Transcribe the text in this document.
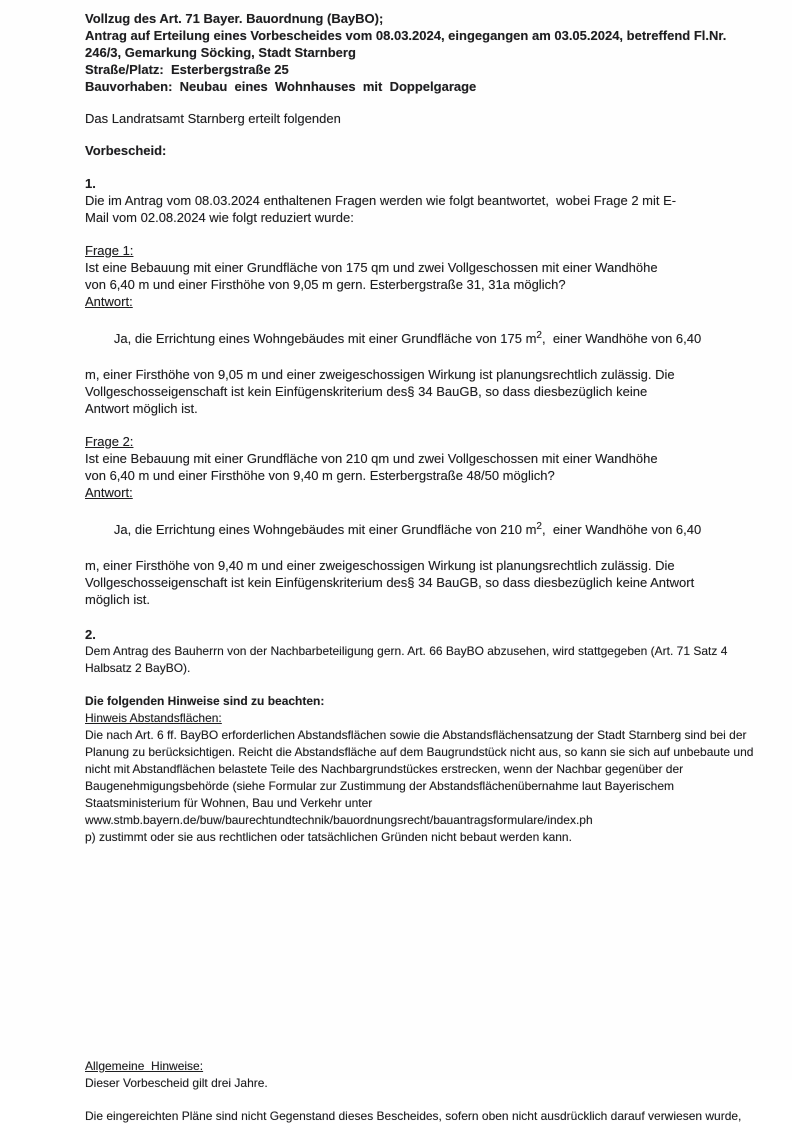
Vollzug des Art. 71 Bayer. Bauordnung (BayBO);
Antrag auf Erteilung eines Vorbescheides vom 08.03.2024, eingegangen am 03.05.2024, betreffend Fl.Nr.
246/3, Gemarkung Söcking, Stadt Starnberg
Straße/Platz:  Esterbergstraße 25
Bauvorhaben:  Neubau  eines  Wohnhauses  mit  Doppelgarage
Das Landratsamt Starnberg erteilt folgenden
Vorbescheid:
1.
Die im Antrag vom 08.03.2024 enthaltenen Fragen werden wie folgt beantwortet,  wobei Frage 2 mit E-
Mail vom 02.08.2024 wie folgt reduziert wurde:
Frage 1:
Ist eine Bebauung mit einer Grundfläche von 175 qm und zwei Vollgeschossen mit einer Wandhöhe
von 6,40 m und einer Firsthöhe von 9,05 m gern. Esterbergstraße 31, 31a möglich?
Antwort:

Ja, die Errichtung eines Wohngebäudes mit einer Grundfläche von 175 $m^2$,  einer Wandhöhe von 6,40

m, einer Firsthöhe von 9,05 m und einer zweigeschossigen Wirkung ist planungsrechtlich zulässig. Die
Vollgeschosseigenschaft ist kein Einfügenskriterium des§ 34 BauGB, so dass diesbezüglich keine
Antwort möglich ist.
Frage 2:
Ist eine Bebauung mit einer Grundfläche von 210 qm und zwei Vollgeschossen mit einer Wandhöhe
von 6,40 m und einer Firsthöhe von 9,40 m gern. Esterbergstraße 48/50 möglich?
Antwort:

Ja, die Errichtung eines Wohngebäudes mit einer Grundfläche von 210 $m^2$,  einer Wandhöhe von 6,40

m, einer Firsthöhe von 9,40 m und einer zweigeschossigen Wirkung ist planungsrechtlich zulässig. Die
Vollgeschosseigenschaft ist kein Einfügenskriterium des§ 34 BauGB, so dass diesbezüglich keine Antwort
möglich ist.
2.
Dem Antrag des Bauherrn von der Nachbarbeteiligung gern. Art. 66 BayBO abzusehen, wird stattgegeben (Art. 71 Satz 4
Halbsatz 2 BayBO).
Die folgenden Hinweise sind zu beachten:
Hinweis Abstandsflächen:
Die nach Art. 6 ff. BayBO erforderlichen Abstandsflächen sowie die Abstandsflächensatzung der Stadt Starnberg sind bei der
Planung zu berücksichtigen. Reicht die Abstandsfläche auf dem Baugrundstück nicht aus, so kann sie sich auf unbebaute und
nicht mit Abstandflächen belastete Teile des Nachbargrundstückes erstrecken, wenn der Nachbar gegenüber der
Baugenehmigungsbehörde (siehe Formular zur Zustimmung der Abstandsflächenübernahme laut Bayerischem
Staatsministerium für Wohnen, Bau und Verkehr unter
www.stmb.bayern.de/buw/baurechtundtechnik/bauordnungsrecht/bauantragsformulare/index.ph
p) zustimmt oder sie aus rechtlichen oder tatsächlichen Gründen nicht bebaut werden kann.
Allgemeine  Hinweise:
Dieser Vorbescheid gilt drei Jahre.
Die eingereichten Pläne sind nicht Gegenstand dieses Bescheides, sofern oben nicht ausdrücklich darauf verwiesen wurde,
